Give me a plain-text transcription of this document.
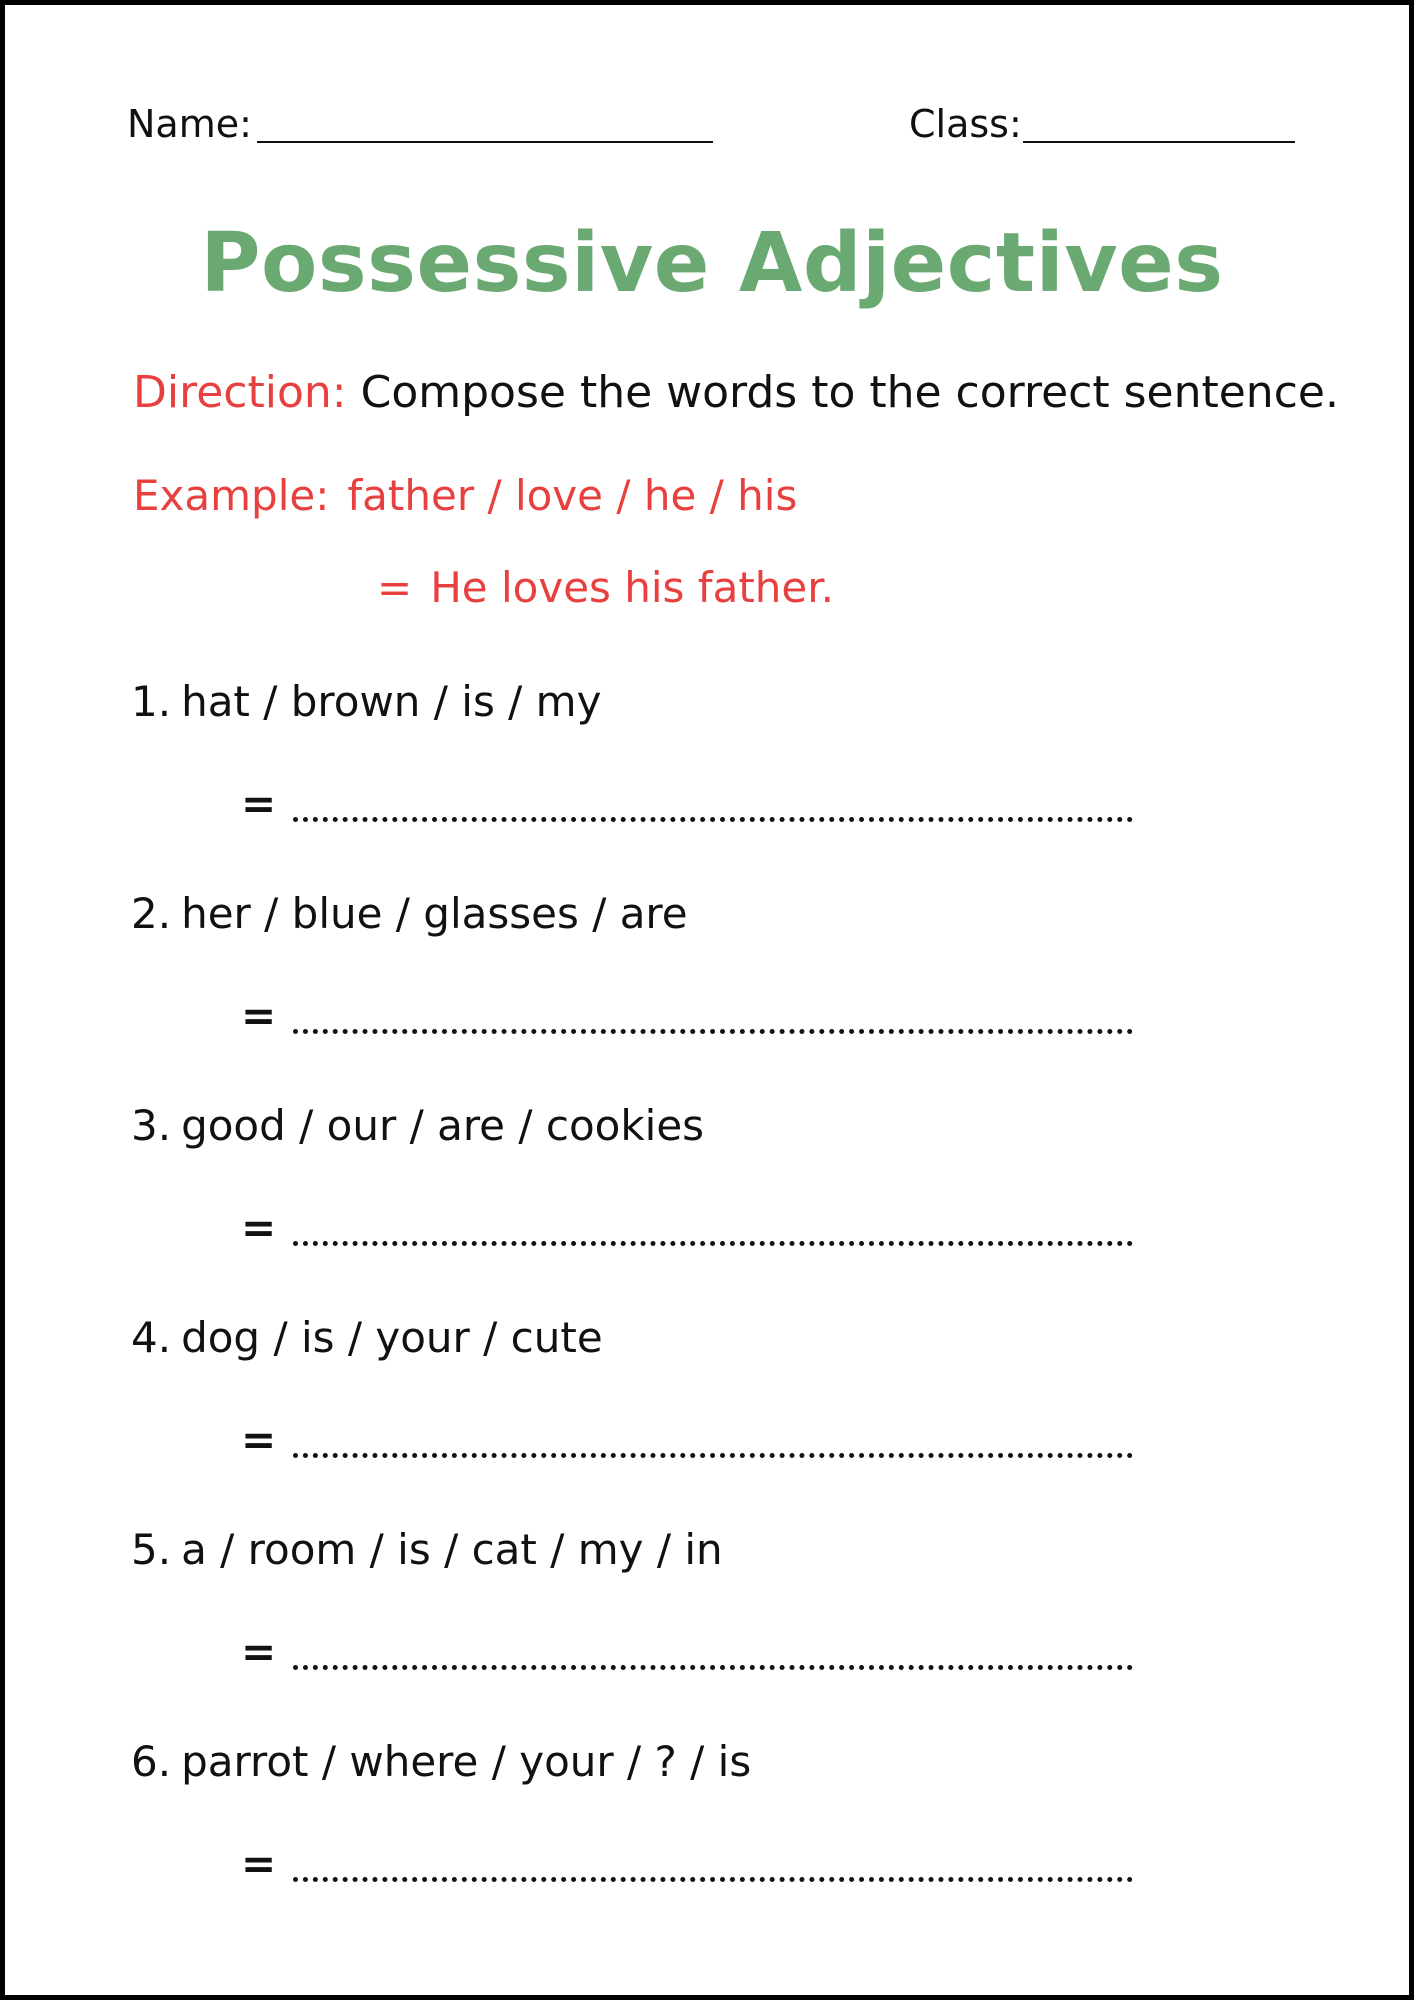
Name:	Class:
Possessive Adjectives
Direction: Compose the words to the correct sentence.
Example: father / love / he / his
= He loves his father.
1. hat / brown / is / my
=
2. her / blue / glasses / are
=
3. good / our / are / cookies
=
4. dog / is / your / cute
=
5. a / room / is / cat / my / in
=
6. parrot / where / your / ? / is
=
